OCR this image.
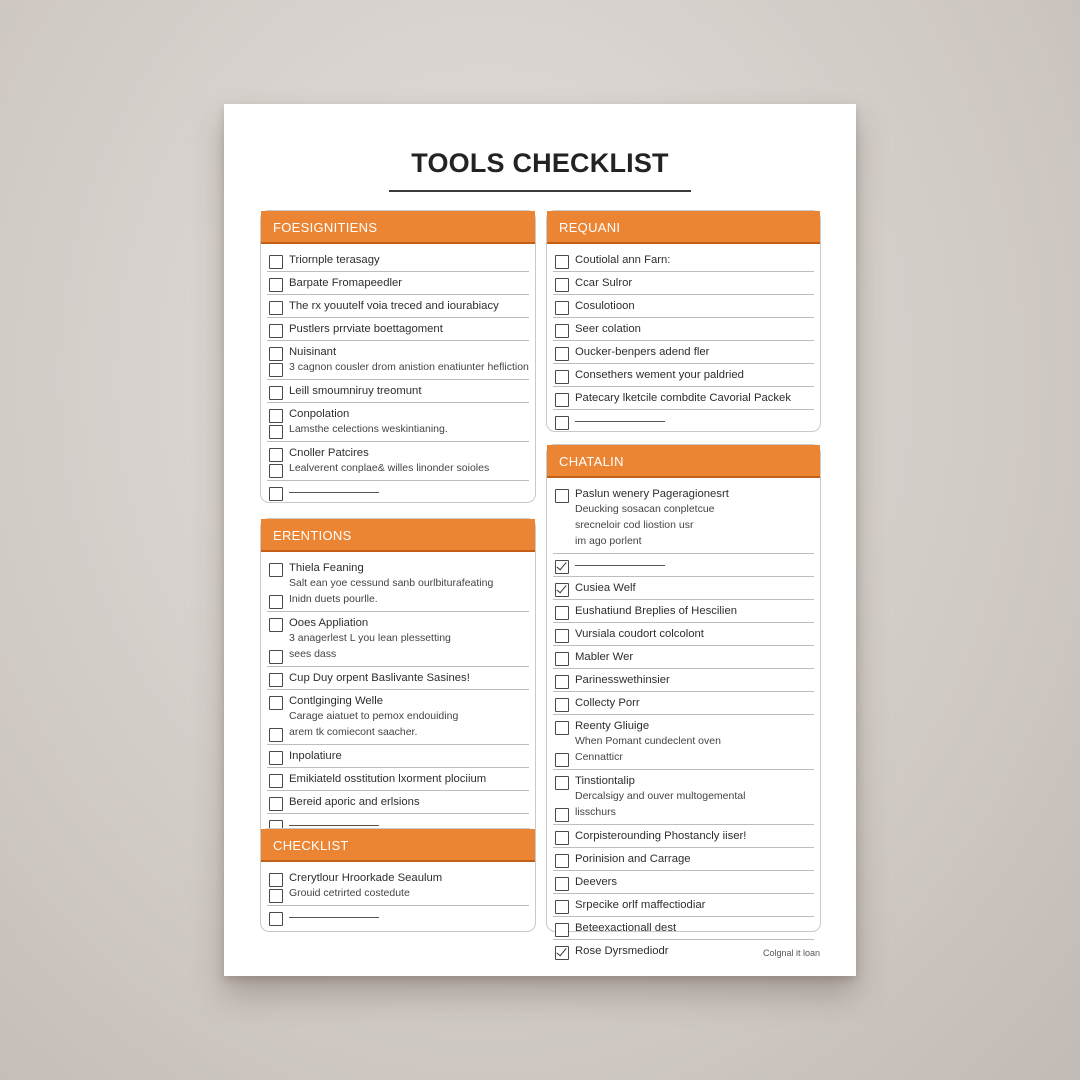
TOOLS CHECKLIST
FOESIGNITIENS
Triornple terasagy
Barpate Fromapeedler
The rx youutelf voia treced and iourabiacy
Pustlers prrviate boettagoment
Nuisinant
3 cagnon cousler drom anistion enatiunter hefliction
Leill smoumniruy treomunt
Conpolation
Lamsthe celections weskintianing.
Cnoller Patcires
Lealverent conplae& willes linonder soioles
ERENTIONS
Thiela Feaning
Salt ean yoe cessund sanb ourlbiturafeating
Inidn duets pourlle.
Ooes Appliation
3 anagerlest L you lean plessetting
sees dass
Cup Duy orpent Baslivante Sasines!
Contlginging Welle
Carage aiatuet to pemox endouiding
arem tk comiecont saacher.
Inpolatiure
Emikiateld osstitution lxorment plociium
Bereid aporic and erlsions
CHECKLIST
Crerytlour Hroorkade Seaulum
Grouid cetrirted costedute
REQUANI
Coutiolal ann Farn:
Ccar Sulror
Cosulotioon
Seer colation
Oucker-benpers adend fler
Consethers wement your paldried
Patecary lketcile combdite Cavorial Packek
CHATALIN
Paslun wenery Pageragionesrt
Deucking sosacan conpletcue
srecneloir cod liostion usr
im ago porlent
Cusiea Welf
Eushatiund Breplies of Hescilien
Vursiala coudort colcolont
Mabler Wer
Parinesswethinsier
Collecty Porr
Reenty Gliuige
When Pomant cundeclent oven
Cennatticr
Tinstiontalip
Dercalsigy and ouver multogemental
lisschurs
Corpisterounding Phostancly iiser!
Porinision and Carrage
Deevers
Srpecike orlf maffectiodiar
Beteexactionall dest
Rose Dyrsmediodr	Colgnal it loan
